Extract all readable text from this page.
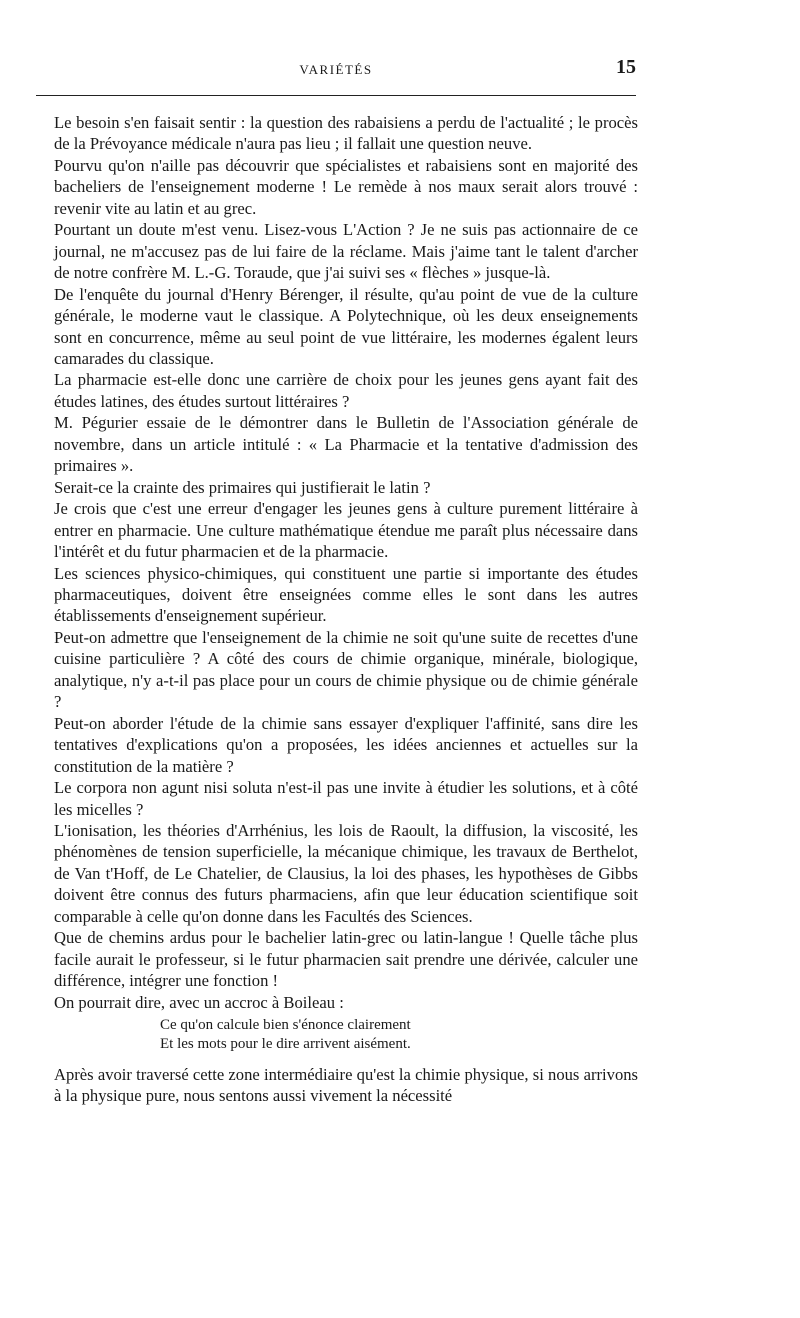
VARIÉTÉS	15

Le besoin s'en faisait sentir : la question des rabaisiens a perdu de l'actualité ; le procès de la Prévoyance médicale n'aura pas lieu ; il fallait une question neuve.

Pourvu qu'on n'aille pas découvrir que spécialistes et rabaisiens sont en majorité des bacheliers de l'enseignement moderne ! Le remède à nos maux serait alors trouvé : revenir vite au latin et au grec.

Pourtant un doute m'est venu. Lisez-vous L'Action ? Je ne suis pas actionnaire de ce journal, ne m'accusez pas de lui faire de la réclame. Mais j'aime tant le talent d'archer de notre confrère M. L.-G. Toraude, que j'ai suivi ses « flèches » jusque-là.

De l'enquête du journal d'Henry Bérenger, il résulte, qu'au point de vue de la culture générale, le moderne vaut le classique. A Polytechnique, où les deux enseignements sont en concurrence, même au seul point de vue littéraire, les modernes égalent leurs camarades du classique.

La pharmacie est-elle donc une carrière de choix pour les jeunes gens ayant fait des études latines, des études surtout littéraires ?

M. Pégurier essaie de le démontrer dans le Bulletin de l'Association générale de novembre, dans un article intitulé : « La Pharmacie et la tentative d'admission des primaires ».

Serait-ce la crainte des primaires qui justifierait le latin ?

Je crois que c'est une erreur d'engager les jeunes gens à culture purement littéraire à entrer en pharmacie. Une culture mathématique étendue me paraît plus nécessaire dans l'intérêt et du futur pharmacien et de la pharmacie.

Les sciences physico-chimiques, qui constituent une partie si importante des études pharmaceutiques, doivent être enseignées comme elles le sont dans les autres établissements d'enseignement supérieur.

Peut-on admettre que l'enseignement de la chimie ne soit qu'une suite de recettes d'une cuisine particulière ? A côté des cours de chimie organique, minérale, biologique, analytique, n'y a-t-il pas place pour un cours de chimie physique ou de chimie générale ?

Peut-on aborder l'étude de la chimie sans essayer d'expliquer l'affinité, sans dire les tentatives d'explications qu'on a proposées, les idées anciennes et actuelles sur la constitution de la matière ?

Le corpora non agunt nisi soluta n'est-il pas une invite à étudier les solutions, et à côté les micelles ?

L'ionisation, les théories d'Arrhénius, les lois de Raoult, la diffusion, la viscosité, les phénomènes de tension superficielle, la mécanique chimique, les travaux de Berthelot, de Van t'Hoff, de Le Chatelier, de Clausius, la loi des phases, les hypothèses de Gibbs doivent être connus des futurs pharmaciens, afin que leur éducation scientifique soit comparable à celle qu'on donne dans les Facultés des Sciences.

Que de chemins ardus pour le bachelier latin-grec ou latin-langue ! Quelle tâche plus facile aurait le professeur, si le futur pharmacien sait prendre une dérivée, calculer une différence, intégrer une fonction !

On pourrait dire, avec un accroc à Boileau :

Ce qu'on calcule bien s'énonce clairement
Et les mots pour le dire arrivent aisément.

Après avoir traversé cette zone intermédiaire qu'est la chimie physique, si nous arrivons à la physique pure, nous sentons aussi vivement la nécessité
